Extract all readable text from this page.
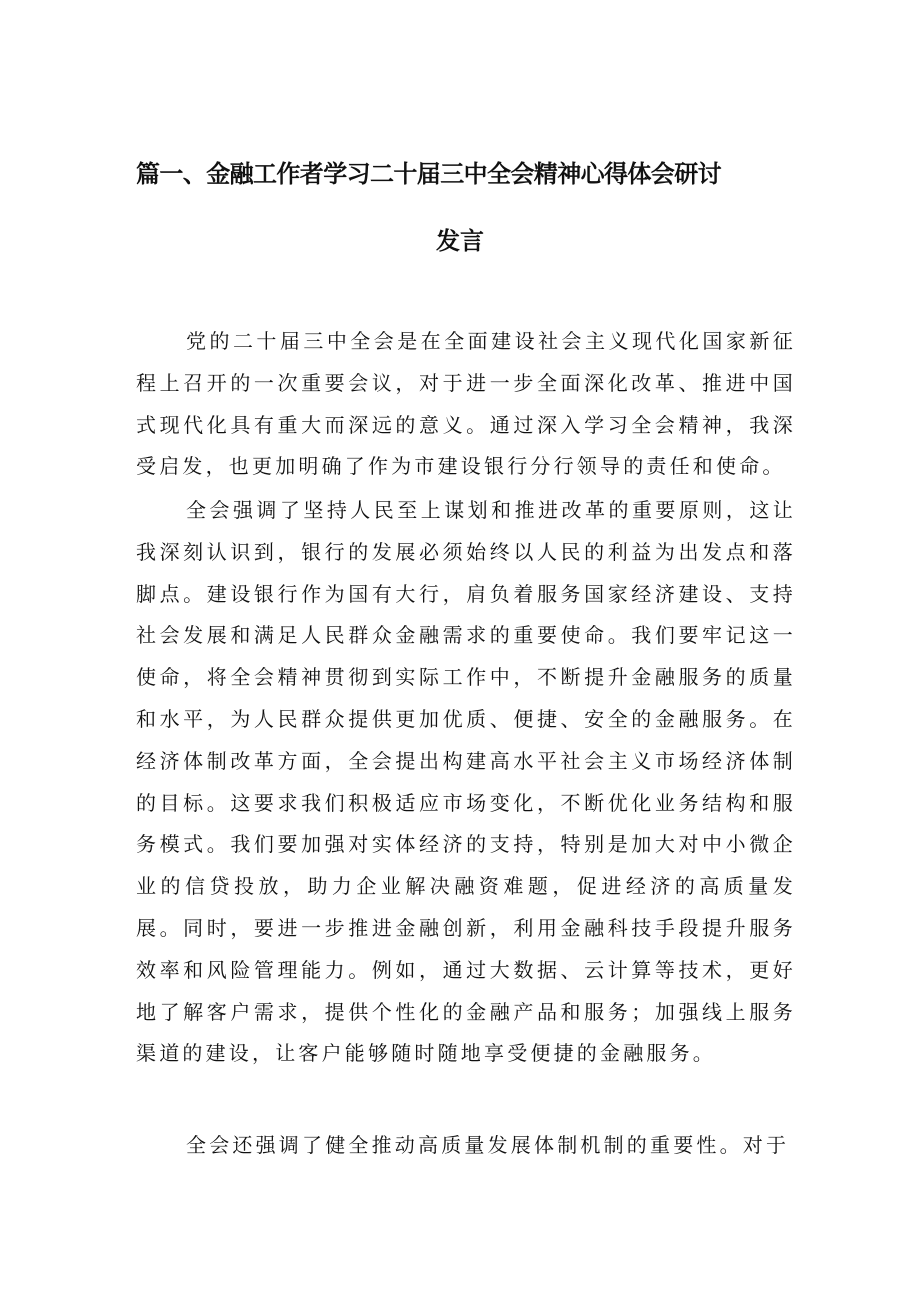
篇一、金融工作者学习二十届三中全会精神心得体会研讨
发言

党的二十届三中全会是在全面建设社会主义现代化国家新征程上召开的一次重要会议，对于进一步全面深化改革、推进中国式现代化具有重大而深远的意义。通过深入学习全会精神，我深受启发，也更加明确了作为市建设银行分行领导的责任和使命。

全会强调了坚持人民至上谋划和推进改革的重要原则，这让我深刻认识到，银行的发展必须始终以人民的利益为出发点和落脚点。建设银行作为国有大行，肩负着服务国家经济建设、支持社会发展和满足人民群众金融需求的重要使命。我们要牢记这一使命，将全会精神贯彻到实际工作中，不断提升金融服务的质量和水平，为人民群众提供更加优质、便捷、安全的金融服务。在经济体制改革方面，全会提出构建高水平社会主义市场经济体制的目标。这要求我们积极适应市场变化，不断优化业务结构和服务模式。我们要加强对实体经济的支持，特别是加大对中小微企业的信贷投放，助力企业解决融资难题，促进经济的高质量发展。同时，要进一步推进金融创新，利用金融科技手段提升服务效率和风险管理能力。例如，通过大数据、云计算等技术，更好地了解客户需求，提供个性化的金融产品和服务；加强线上服务渠道的建设，让客户能够随时随地享受便捷的金融服务。

全会还强调了健全推动高质量发展体制机制的重要性。对于
